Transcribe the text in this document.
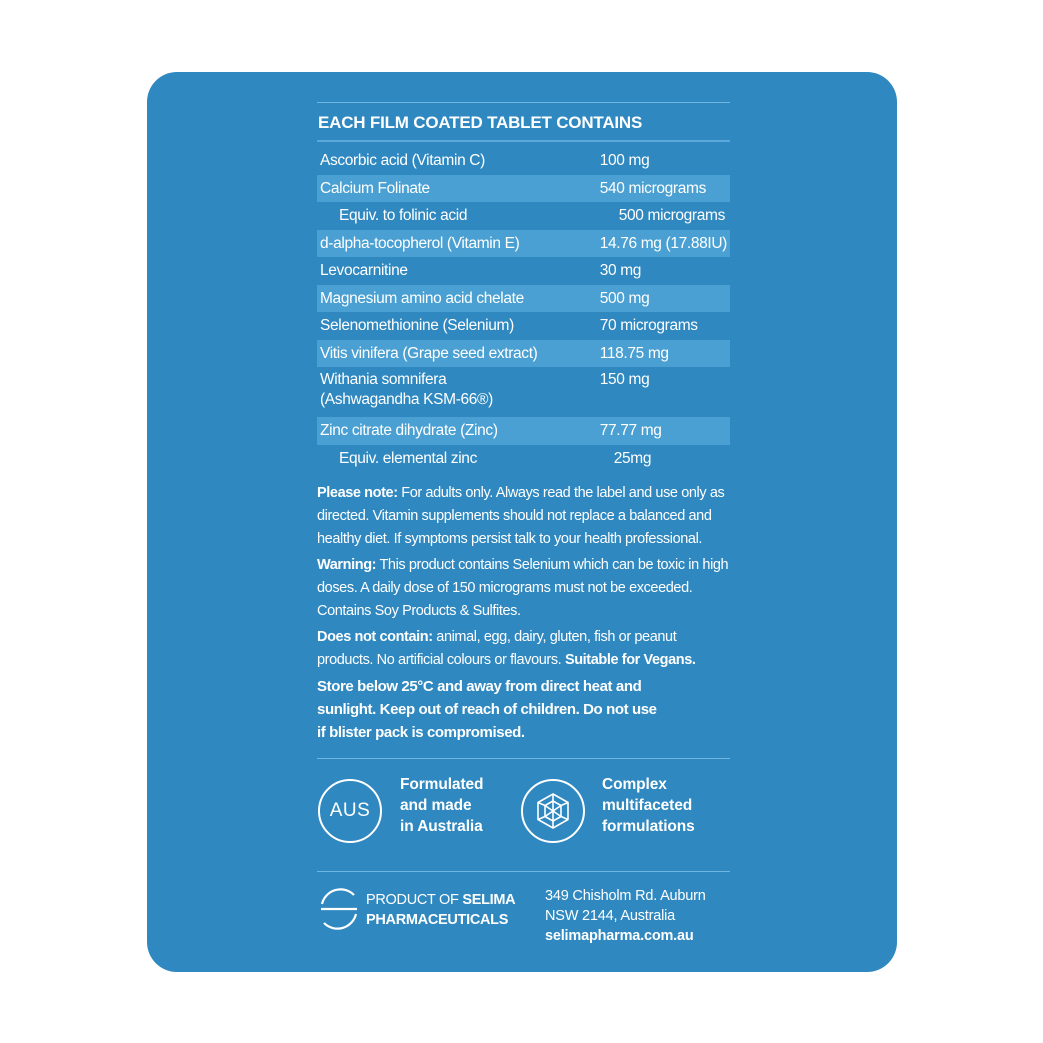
EACH FILM COATED TABLET CONTAINS
Ascorbic acid (Vitamin C)	100 mg
Calcium Folinate	540 micrograms
Equiv. to folinic acid	500 micrograms
d-alpha-tocopherol (Vitamin E)	14.76 mg (17.88IU)
Levocarnitine	30 mg
Magnesium amino acid chelate	500 mg
Selenomethionine (Selenium)	70 micrograms
Vitis vinifera (Grape seed extract)	118.75 mg

Withania somnifera
(Ashwagandha KSM-66®)	150 mg
Zinc citrate dihydrate (Zinc)	77.77 mg
Equiv. elemental zinc	25mg

Please note: For adults only. Always read the label and use only as directed. Vitamin supplements should not replace a balanced and healthy diet. If symptoms persist talk to your health professional.

Warning: This product contains Selenium which can be toxic in high doses. A daily dose of 150 micrograms must not be exceeded. Contains Soy Products & Sulfites.

Does not contain: animal, egg, dairy, gluten, fish or peanut products. No artificial colours or flavours. Suitable for Vegans.

Store below 25°C and away from direct heat and
sunlight. Keep out of reach of children. Do not use
if blister pack is compromised.
AUS
Formulated
and made
in Australia
Complex
multifaceted
formulations
PRODUCT OF SELIMA
PHARMACEUTICALS
349 Chisholm Rd. Auburn
NSW 2144, Australia
selimapharma.com.au
